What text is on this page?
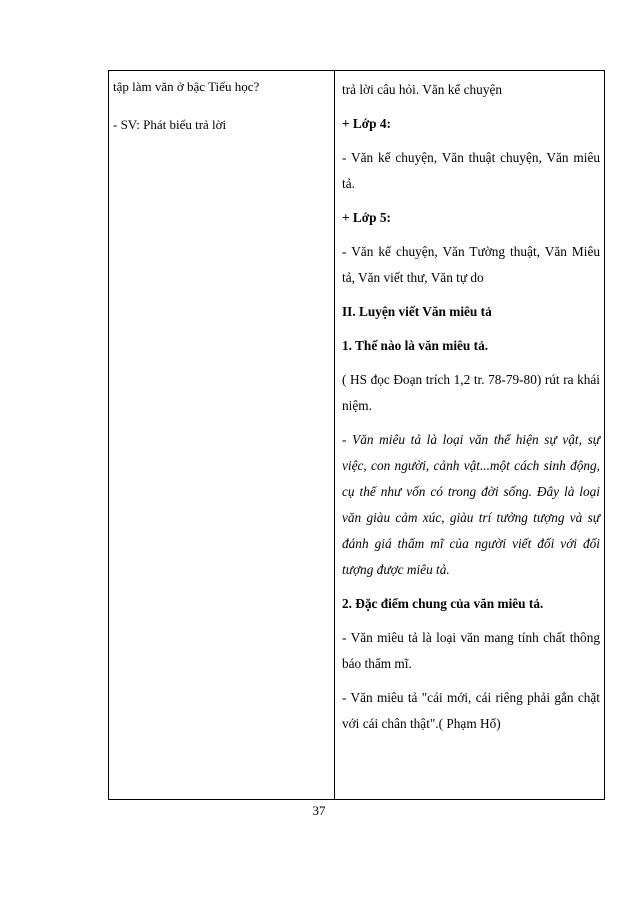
tập làm văn ở bậc Tiểu học?

- SV: Phát biểu trả lời

trả lời câu hỏi. Văn kể chuyện

+ Lớp 4:

- Văn kể chuyện, Văn thuật chuyện, Văn miêu tả.

+ Lớp 5:

- Văn kể chuyện, Văn Tường thuật, Văn Miêu tả, Văn viết thư, Văn tự do

II. Luyện viết Văn miêu tả

1. Thế nào là văn miêu tả.

( HS đọc Đoạn trích 1,2 tr. 78-79-80) rút ra khái niệm.

- Văn miêu tả là loại văn thể hiện sự vật, sự việc, con người, cảnh vật...một cách sinh động, cụ thể như vốn có trong đời sống. Đây là loại văn giàu cảm xúc, giàu trí tưởng tượng và sự đánh giá thẩm mĩ của người viết đối với đối tượng được miêu tả.

2. Đặc điểm chung của văn miêu tả.

- Văn miêu tả là loại văn mang tính chất thông báo thẩm mĩ.

- Văn miêu tả "cái mới, cái riêng phải gắn chặt với cái chân thật".( Phạm Hổ)

37
